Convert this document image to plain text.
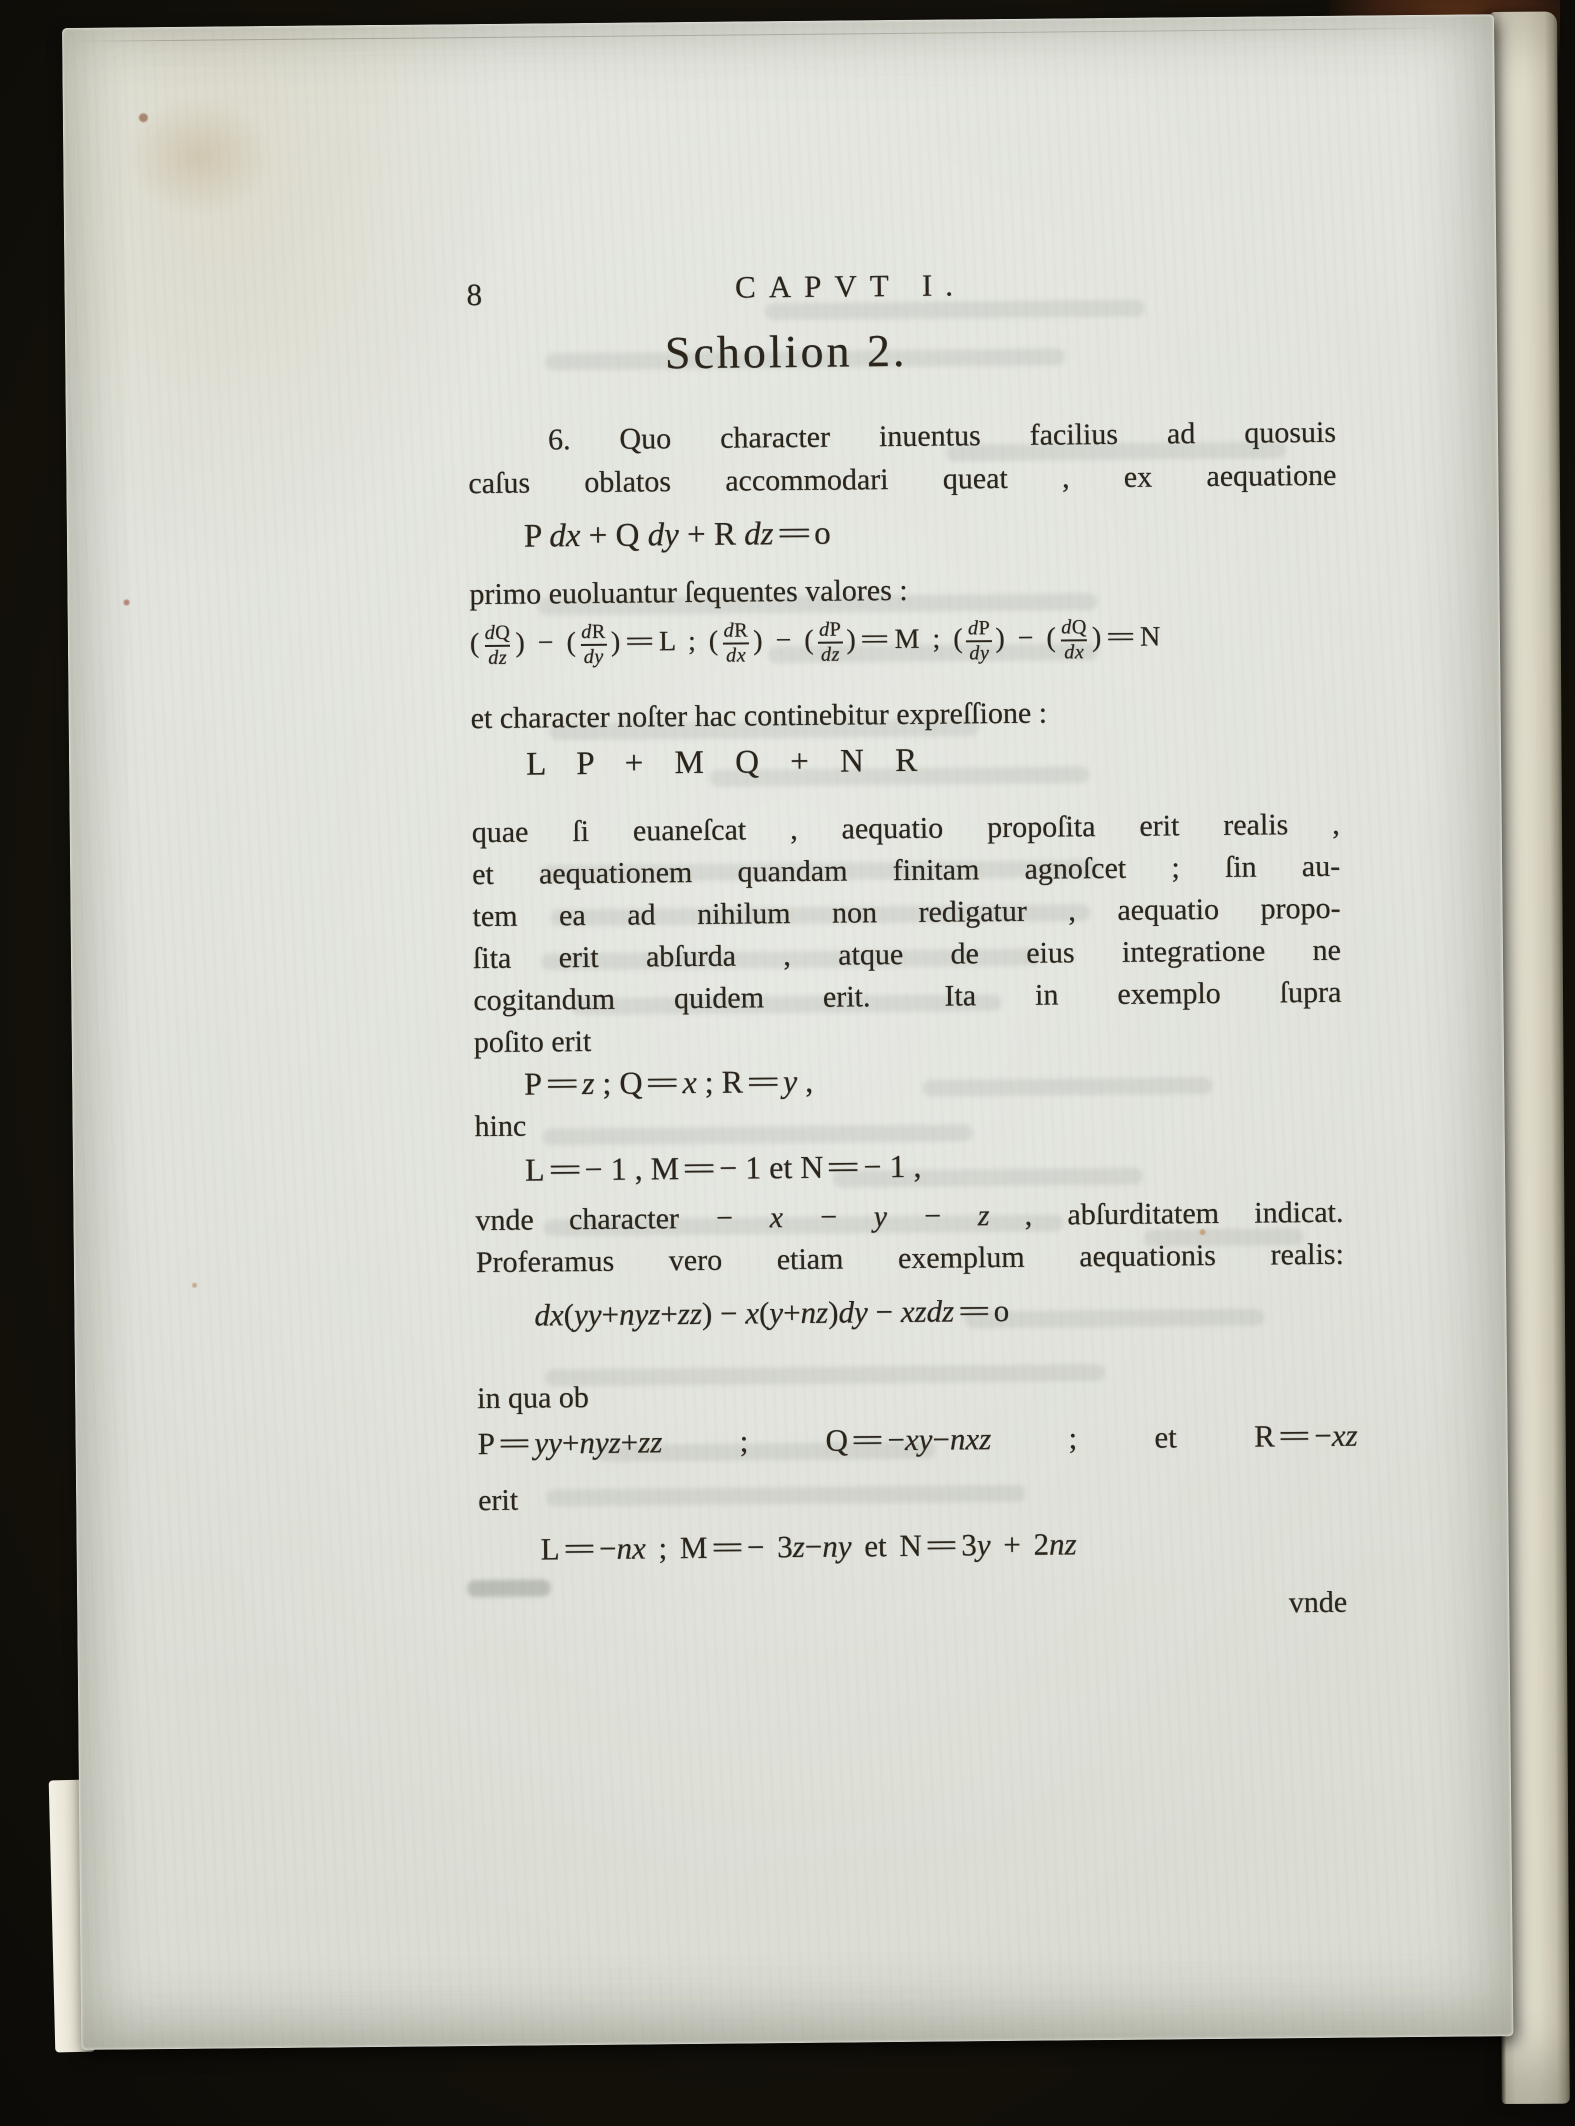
8	CAPVT I.
Scholion 2.
6. Quo character inuentus facilius ad quosuis
caſus oblatos accommodari queat , ex aequatione
P dx + Q dy + R dz=o
primo euoluantur ſequentes valores :
( $\frac{dQ}{dz}$ ) − ( $\frac{dR}{dy}$ ) = L ; ( $\frac{dR}{dx}$ ) − ( $\frac{dP}{dz}$ ) = M ; ( $\frac{dP}{dy}$ ) − ( $\frac{dQ}{dx}$ ) = N
et character noſter hac continebitur expreſſione :
L P + M Q + N R
quae ſi euaneſcat , aequatio propoſita erit realis ,
et aequationem quandam finitam agnoſcet ; ſin au-
tem ea ad nihilum non redigatur , aequatio propo-
ſita erit abſurda , atque de eius integratione ne
cogitandum quidem erit.  Ita in exemplo ſupra
poſito erit
P=z ; Q=x ; R=y ,
hinc
L=− 1 , M=− 1 et N=− 1 ,
vnde character − x − y − z , abſurditatem indicat.
Proferamus vero etiam exemplum aequationis realis:
dx(yy+nyz+zz) − x(y+nz)dy − xzdz=o
in qua ob
P=yy+nyz+zz ; Q=−xy−nxz ; et R=−xz
erit
L=−nx ; M=− 3z−ny et N=3y + 2nz
vnde
